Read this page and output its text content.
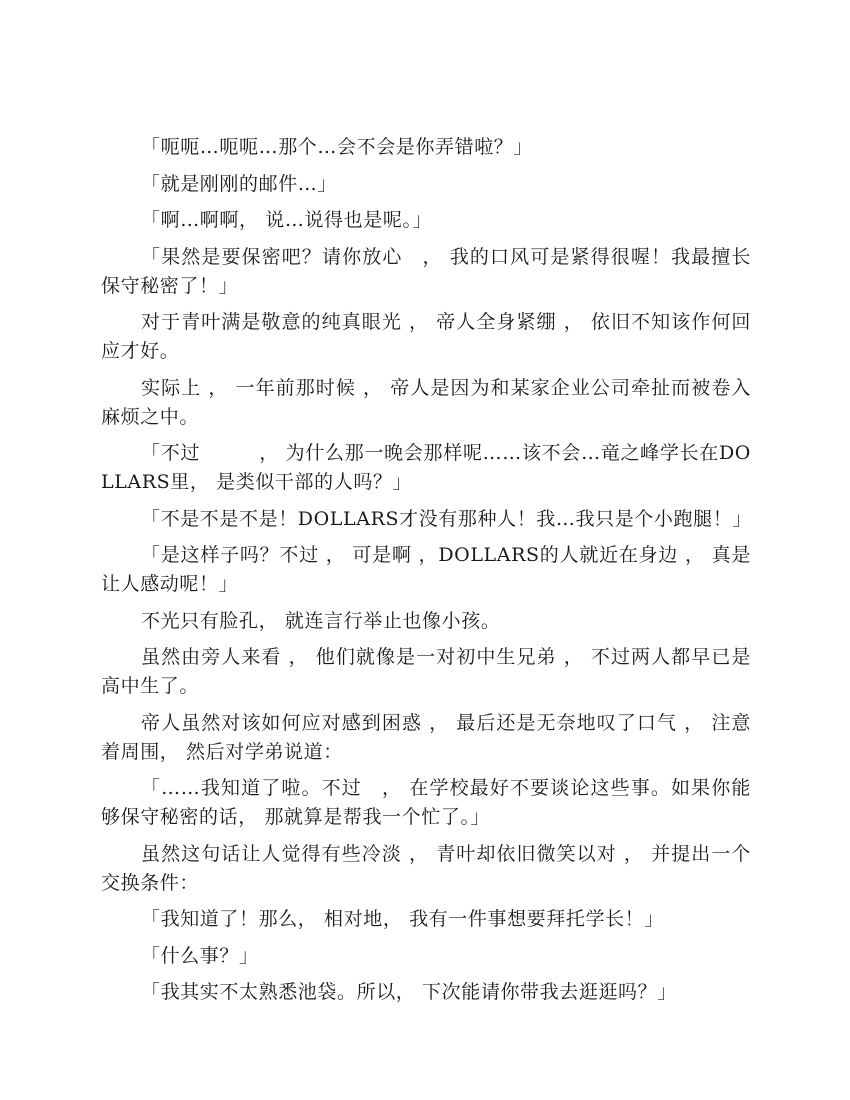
「呃呃…呃呃…那个…会不会是你弄错啦？」

「就是刚刚的邮件…」

「啊…啊啊， 说…说得也是呢。」

「果然是要保密吧？请你放心　， 我的口风可是紧得很喔！我最擅长保守秘密了！」

对于青叶满是敬意的纯真眼光 ， 帝人全身紧绷 ， 依旧不知该作何回应才好。

实际上 ， 一年前那时候 ， 帝人是因为和某家企业公司牵扯而被卷入麻烦之中。

「不过　　　， 为什么那一晚会那样呢……该不会…竜之峰学长在DOLLARS里， 是类似干部的人吗？」

「不是不是不是！DOLLARS才没有那种人！我…我只是个小跑腿！」

「是这样子吗？不过 ， 可是啊 ，DOLLARS的人就近在身边 ， 真是让人感动呢！」

不光只有脸孔， 就连言行举止也像小孩。

虽然由旁人来看 ， 他们就像是一对初中生兄弟 ， 不过两人都早已是高中生了。

帝人虽然对该如何应对感到困惑 ， 最后还是无奈地叹了口气 ， 注意着周围， 然后对学弟说道：

「……我知道了啦。不过　， 在学校最好不要谈论这些事。如果你能够保守秘密的话， 那就算是帮我一个忙了。」

虽然这句话让人觉得有些冷淡 ， 青叶却依旧微笑以对 ， 并提出一个交换条件：

「我知道了！那么， 相对地， 我有一件事想要拜托学长！」

「什么事？」

「我其实不太熟悉池袋。所以， 下次能请你带我去逛逛吗？」
